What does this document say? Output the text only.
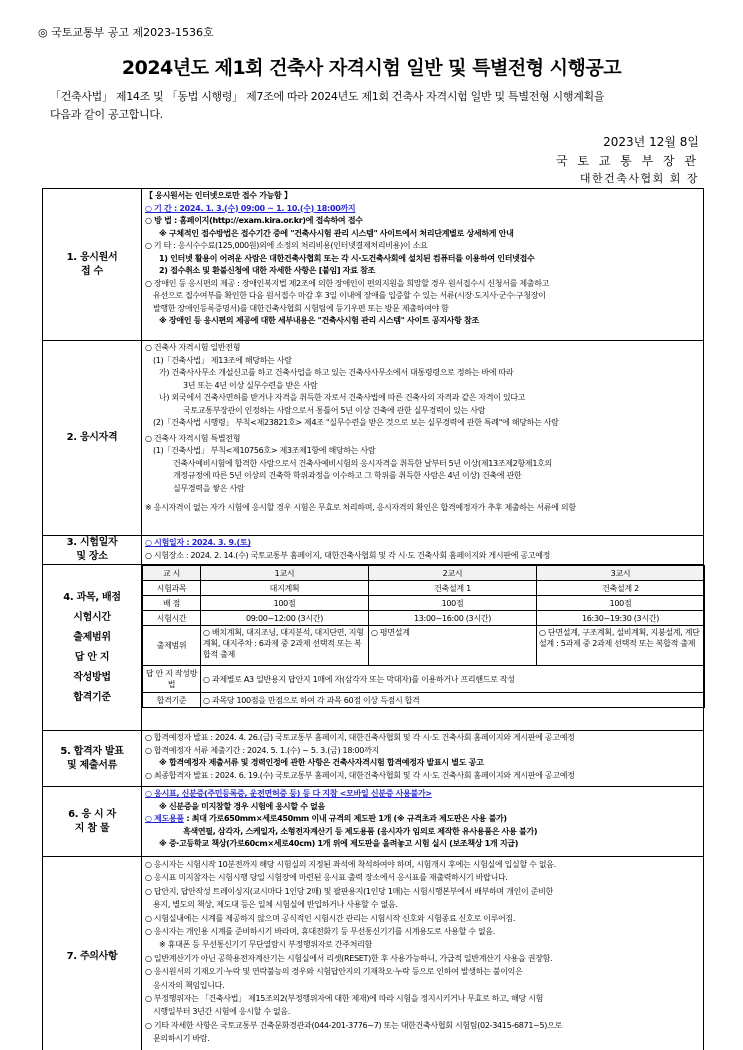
◎ 국토교통부 공고 제2023-1536호
2024년도 제1회 건축사 자격시험 일반 및 특별전형 시행공고
「건축사법」 제14조 및 「동법 시행령」 제7조에 따라 2024년도 제1회 건축사 자격시험 일반 및 특별전형 시행계획을
다음과 같이 공고합니다.
2023년 12월 8일
국 토 교 통 부 장 관
대한건축사협회 회 장
1. 응시원서
접 수

【 응시원서는 인터넷으로만 접수 가능함 】
○ 기 간 : 2024. 1. 3.(수) 09:00 ~ 1. 10.(수) 18:00까지
○ 방 법 : 홈페이지(http://exam.kira.or.kr)에 접속하여 접수
※ 구체적인 접수방법은 접수기간 중에 "건축사시험 관리 시스템" 사이트에서 처리단계별로 상세하게 안내
○ 기 타 : 응시수수료(125,000원)외에 소정의 처리비용(인터넷결제처리비용)이 소요
1) 인터넷 활용이 어려운 사람은 대한건축사협회 또는 각 시·도건축사회에 설치된 컴퓨터를 이용하여 인터넷접수
2) 접수취소 및 환불신청에 대한 자세한 사항은 [붙임] 자료 참조
○ 장애인 등 응시편의 제공 : 장애인복지법 제2조에 의한 장애인이 편의지원을 희망할 경우 원서접수시 신청서를 제출하고
유선으로 접수여부를 확인한 다음 원서접수 마감 후 3일 이내에 장애를 입증할 수 있는 서류(시장·도지사·군수·구청장이
발행한 장애인등록증명서)를 대한건축사협회 시험팀에 등기우편 또는 방문 제출하여야 함
※ 장애인 등 응시편의 제공에 대한 세부내용은 "건축사시험 관리 시스템" 사이트 공지사항 참조

2. 응시자격	
○ 건축사 자격시험 일반전형
(1)「건축사법」 제13조에 해당하는 사람
가) 건축사사무소 개설신고를 하고 건축사업을 하고 있는 건축사사무소에서 대통령령으로 정하는 바에 따라
3년 또는 4년 이상 실무수련을 받은 사람
나) 외국에서 건축사면허를 받거나 자격을 취득한 자로서 건축사법에 따른 건축사의 자격과 같은 자격이 있다고
국토교통부장관이 인정하는 사람으로서 통틀어 5년 이상 건축에 관한 실무경력이 있는 사람
(2)「건축사법 시행령」 부칙<제23821호> 제4조 "실무수련을 받은 것으로 보는 실무경력에 관한 특례"에 해당하는 사람
○ 건축사 자격시험 특별전형
(1)「건축사법」 부칙<제10756호> 제3조제1항에 해당하는 사람
건축사예비시험에 합격한 사람으로서 건축사예비시험의 응시자격을 취득한 날부터 5년 이상(제13조제2항제1호의
개정규정에 따른 5년 이상의 건축학 학위과정을 이수하고 그 학위를 취득한 사람은 4년 이상) 건축에 관한
실무경력을 쌓은 사람
※ 응시자격이 없는 자가 시험에 응시할 경우 시험은 무효로 처리하며, 응시자격의 확인은 합격예정자가 추후 제출하는 서류에 의함

3. 시험일자
및 장소

○ 시험일자 : 2024. 3. 9.(토)
○ 시험장소 : 2024. 2. 14.(수) 국토교통부 홈페이지, 대한건축사협회 및 각 시·도 건축사회 홈페이지와 게시판에 공고예정

4. 과목, 배점
시험시간
출제범위
답 안 지
작성방법
합격기준

교 시	1교시	2교시	3교시
시험과목	대지계획	건축설계 1	건축설계 2
배 점	100점	100점	100점
시험시간	09:00~12:00 (3시간)	13:00~16:00 (3시간)	16:30~19:30 (3시간)
출제범위	○ 배치계획, 대지조닝, 대지분석, 대지단면, 지형계획, 대지주차 : 6과제 중 2과제 선택적 또는 복합적 출제	○ 평면설계	○ 단면설계, 구조계획, 설비계획, 지붕설계, 계단설계 : 5과제 중 2과제 선택적 또는 복합적 출제
답 안 지 작성방법	○ 과제별로 A3 일반용지 답안지 1매에 자(삼각자 또는 막대자)를 이용하거나 프리핸드로 작성
합격기준	○ 과목당 100점을 만점으로 하여 각 과목 60점 이상 득점시 합격

5. 합격자 발표
및 제출서류

○ 합격예정자 발표 : 2024. 4. 26.(금) 국토교통부 홈페이지, 대한건축사협회 및 각 시·도 건축사회 홈페이지와 게시판에 공고예정
○ 합격예정자 서류 제출기간 : 2024. 5. 1.(수) ~ 5. 3.(금) 18:00까지
※ 합격예정자 제출서류 및 경력인정에 관한 사항은 건축사자격시험 합격예정자 발표시 별도 공고
○ 최종합격자 발표 : 2024. 6. 19.(수) 국토교통부 홈페이지, 대한건축사협회 및 각 시·도 건축사회 홈페이지와 게시판에 공고예정

6. 응 시 자
지 참 물

○ 응시표, 신분증(주민등록증, 운전면허증 등) 등 다 지참 <모바일 신분증 사용불가>
※ 신분증을 미지참할 경우 시험에 응시할 수 없음
○ 제도용품 : 최대 가로650mm×세로450mm 이내 규격의 제도판 1개 (※ 규격초과 제도판은 사용 불가)
흑색연필, 삼각자, 스케일자, 소형전자계산기 등 제도용품 (응시자가 임의로 제작한 유사용품은 사용 불가)
※ 중·고등학교 책상(가로60cm×세로40cm) 1개 위에 제도판을 올려놓고 시험 실시 (보조책상 1개 지급)

7. 주의사항	
○ 응시자는 시험시작 10분전까지 해당 시험실의 지정된 좌석에 착석하여야 하며, 시험개시 후에는 시험실에 입실할 수 없음.
○ 응시표 미지참자는 시험시행 당일 시험장에 마련된 응시표 출력 장소에서 응시표를 재출력하시기 바랍니다.
○ 답안지, 답안작성 트레이싱지(교시마다 1인당 2매) 및 팔판용지(1인당 1매)는 시험시행본부에서 배부하며 개인이 준비한
용지, 별도의 책상, 제도대 등은 일체 시험실에 반입하거나 사용할 수 없음.
○ 시험실내에는 시계를 제공하지 않으며 공식적인 시험시간 관리는 시험시작 신호와 시험종료 신호로 이루어짐.
○ 응시자는 개인용 시계를 준비하시기 바라며, 휴대전화기 등 무선통신기기를 시계용도로 사용할 수 없음.
※ 휴대폰 등 무선통신기기 무단열람시 부정행위자로 간주처리함
○ 일반계산기가 아닌 공학용전자계산기는 시험실에서 리셋(RESET)한 후 사용가능하니, 가급적 일반계산기 사용을 권장함.
○ 응시원서의 기재오기·누락 및 연락불능의 경우와 시험답안지의 기재착오·누락 등으로 인하여 발생하는 불이익은
응시자의 책임입니다.
○ 부정행위자는 「건축사법」 제15조의2(부정행위자에 대한 제재)에 따라 시험을 정지시키거나 무효로 하고, 해당 시험
시행일부터 3년간 시험에 응시할 수 없음.
○ 기타 자세한 사항은 국토교통부 건축문화경관과(044-201-3776~7) 또는 대한건축사협회 시험팀(02-3415-6871~5)으로
문의하시기 바람.
